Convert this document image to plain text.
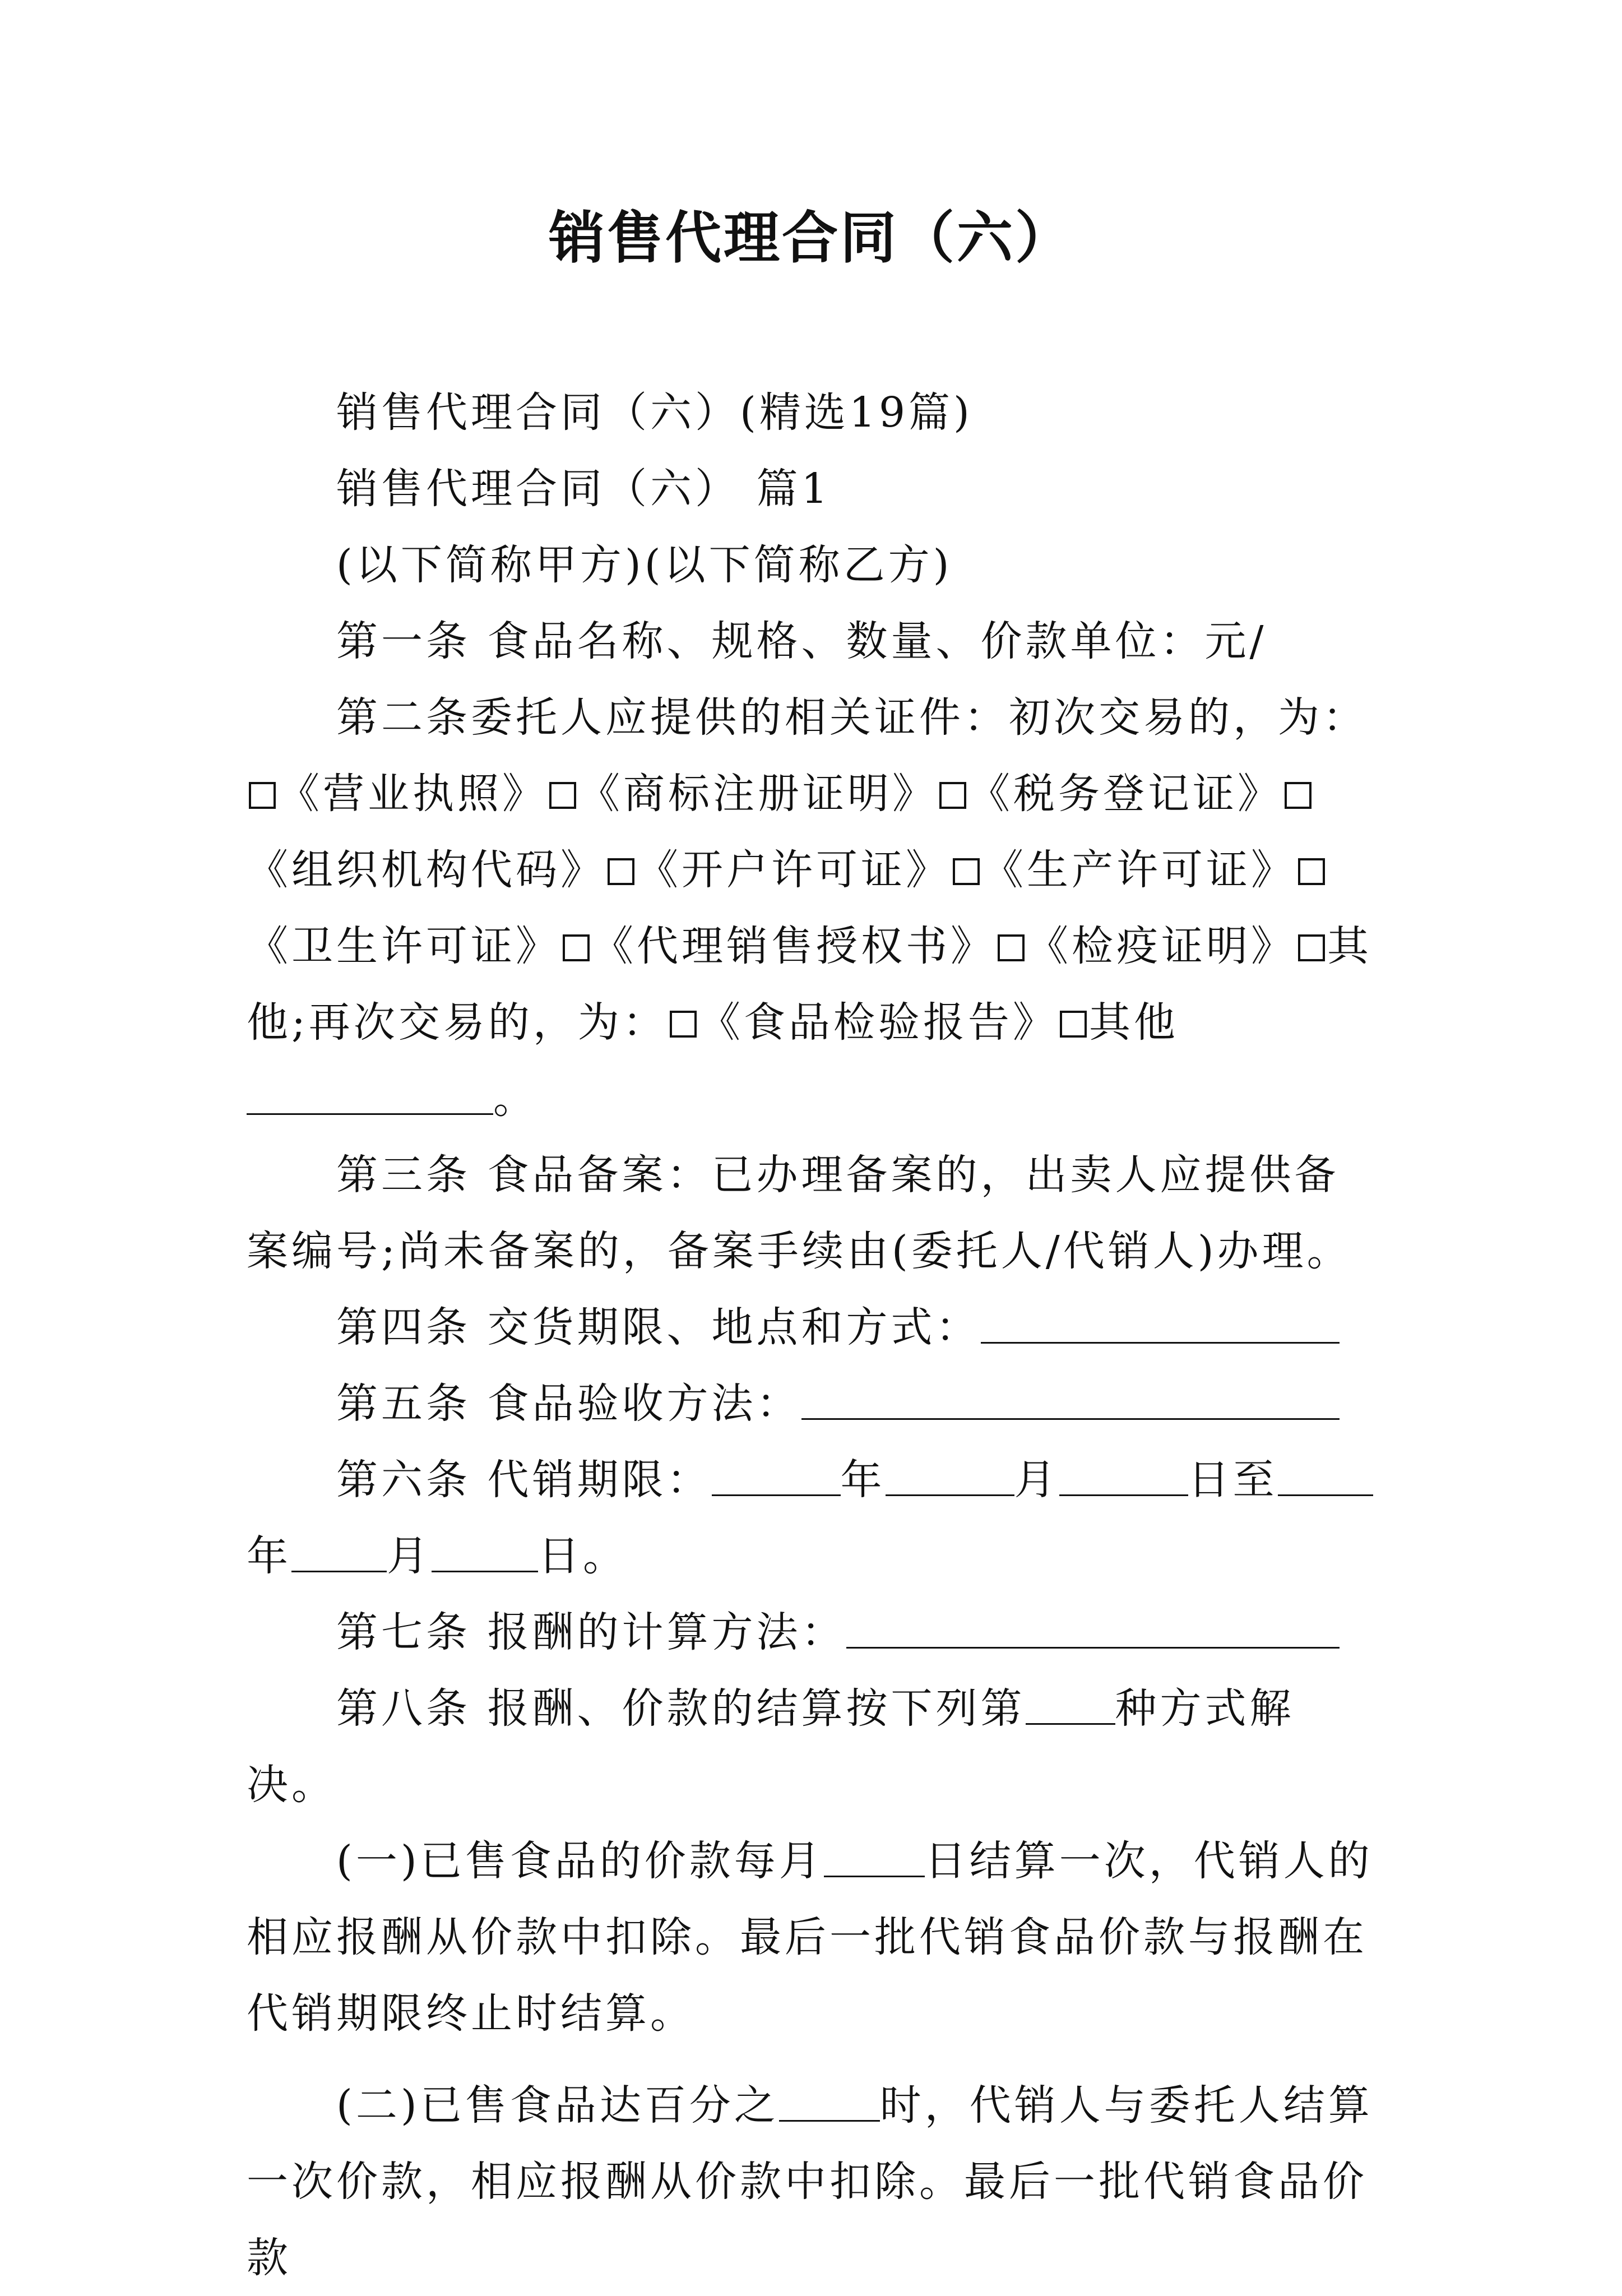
销售代理合同（六）

销售代理合同（六）(精选19篇)

销售代理合同（六） 篇1

(以下简称甲方)(以下简称乙方)

第一条 食品名称、规格、数量、价款单位：元/

第二条委托人应提供的相关证件：初次交易的，为：《营业执照》 《商标注册证明》 《税务登记证》《组织机构代码》 《开户许可证》 《生产许可证》《卫生许可证》 《代理销售授权书》 《检疫证明》 其他;再次交易的，为： 《食品检验报告》 其他。

第三条 食品备案：已办理备案的，出卖人应提供备案编号;尚未备案的，备案手续由(委托人/代销人)办理。

第四条 交货期限、地点和方式：

第五条 食品验收方法：

第六条 代销期限：	年	月	日至年 月	日。

第七条 报酬的计算方法：

第八条 报酬、价款的结算按下列第 种方式解决。

(一)已售食品的价款每月 日结算一次，代销人的相应报酬从价款中扣除。最后一批代销食品价款与报酬在代销期限终止时结算。

(二)已售食品达百分之 时，代销人与委托人结算一次价款，相应报酬从价款中扣除。最后一批代销食品价款
